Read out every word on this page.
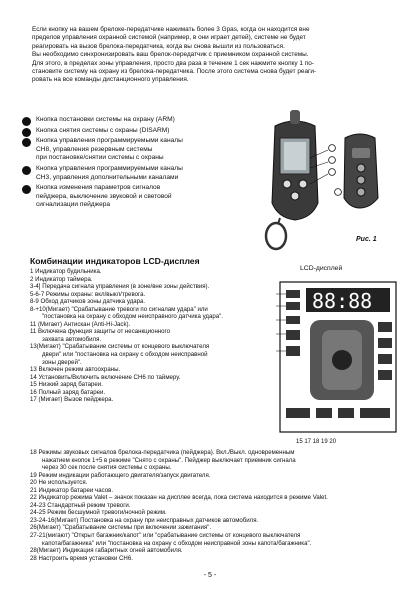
Если кнопку на вашем брелоке-передатчике нажимать более 3 Gpas, когда он находится вне
пределов управления охранной системой (например, в они играет детей), системе не будет
реагировать на вызов брелока-передатчика, когда вы снова вышли из пользоваться.
Вы необходимо синхронизировать ваш брелок-передатчик с приемником охранной системы.
Для этого, в пределах зоны управления, просто два раза в течение 1 сек нажмите кнопку 1 по-
становите систему на охрану из брелока-передатчика. После этого система снова будет реаги-
ровать на все команды дистанционного управления.
Кнопка постановки системы на охрану (ARM)
Кнопка снятия системы с охраны (DISARM)
Кнопка управления программируемыми каналы
CH8, управления резервным системы
при постановке/снятии системы с охраны
Кнопка управления программируемыми каналы
CH3, управления дополнительными каналами
Кнопка изменения параметров сигналов
пейджера, выключение звуковой и световой
сигнализации пейджера
Рис. 1
Комбинации индикаторов LCD-дисплея
LCD-дисплей
88:88
15 17 18 19 20
1 Индикатор будильника.
2 Индикатор таймера.
3-4] Передача сигнала управления (в зоне/вне зоны действия).
5-6-7 Режимы охраны: вкл/выкл/тревога.
8-9 Обход датчиков зоны датчика удара.
8-+10(Мигает) "Срабатывание тревоги по сигналам удара" или
"постановка на охрану с обходом неисправного датчика удара".
11 (Мигает) Антискан (Anti-Hi-Jack).
11 Включена функция защиты от несанкционного
захвата автомобиля.
13(Мигает) "Срабатывание системы от концевого выключателя
двери" или "постановка на охрану с обходом неисправной
зоны дверей".
13 Включен режим автоохраны.
14 Установить/Включить включение СН6 по таймеру.
15 Низкий заряд батареи.
16 Полный заряд батареи.
17 (Мигает) Вызов пейджера.
18 Режимы звуковых сигналов брелока-передатчика (пейджера). Вкл./Выкл. одновременным
нажатием кнопок 1+5 в режиме "Снято с охраны". Пейджер выключает приемник сигнала
через 30 сек после снятия системы с охраны.
19 Режим индикации работающего двигателя/запуск двигателя.
20 Не используется.
21 Индикатор батареи часов.
22 Индикатор режима Valet – значок показан на дисплее всегда, пока система находится в режиме Valet.
24-23 Стандартный режим тревоги.
24-25 Режим бесшумной тревоги/ночной режим.
23-24-16(Мигает) Постановка на охрану при неисправных датчиков автомобиля.
26(Мигает) "Срабатывание системы при включении зажигания".
27-21(мигают) "Открыт багажник/капот" или "срабатывание системы от концевого выключателя
капота/багажника" или "постановка на охрану с обходом неисправной зоны капота/багажника".
28(Мигает) Индикация габаритных огней автомобиля.
28 Настроить время установки СН6.
- 5 -
